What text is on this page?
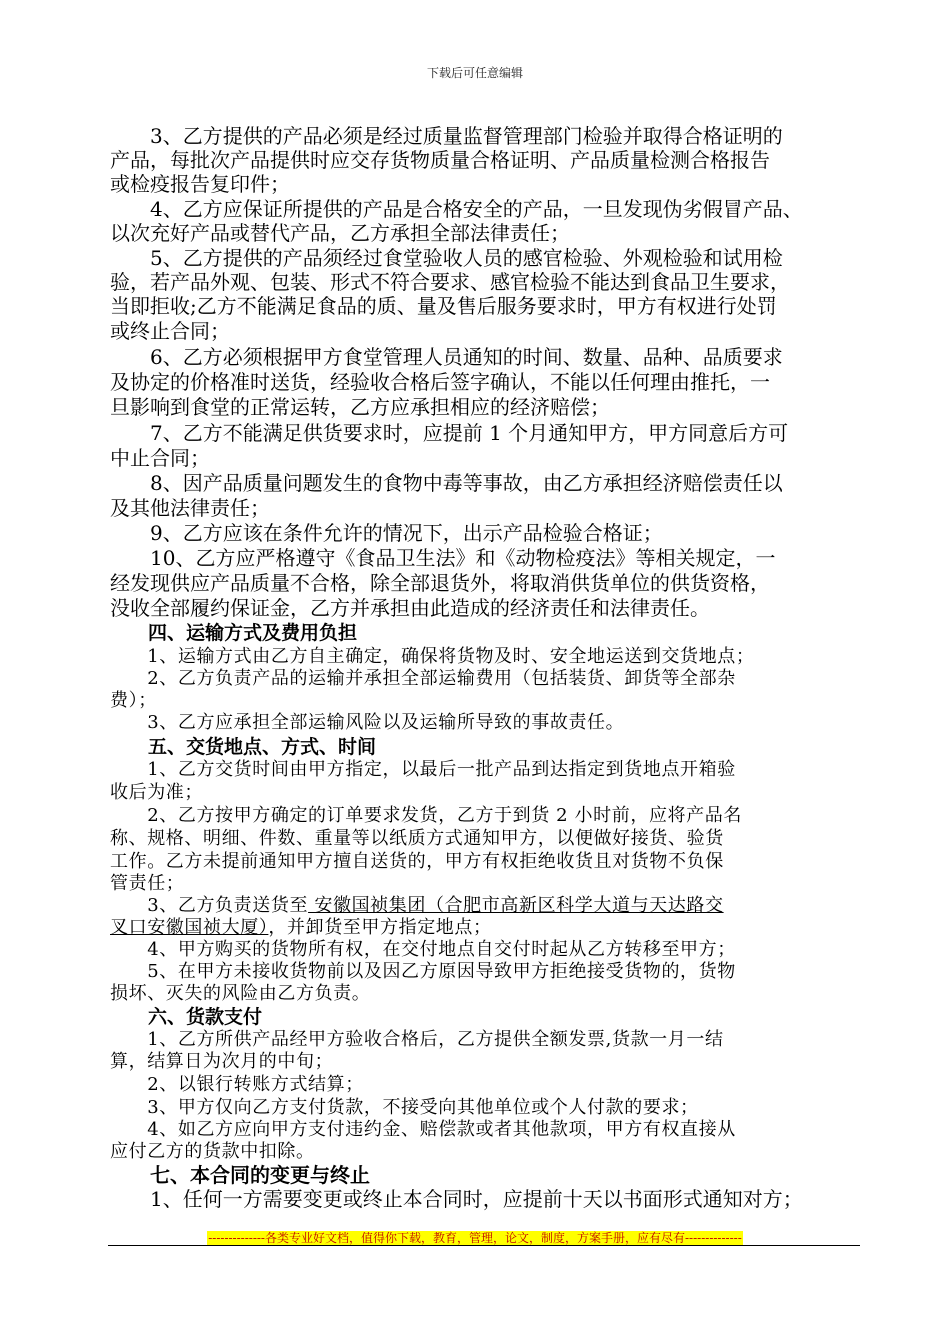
下载后可任意编辑
　　3、乙方提供的产品必须是经过质量监督管理部门检验并取得合格证明的
产品，每批次产品提供时应交存货物质量合格证明、产品质量检测合格报告
或检疫报告复印件；
　　4、乙方应保证所提供的产品是合格安全的产品，一旦发现伪劣假冒产品、
以次充好产品或替代产品，乙方承担全部法律责任；
　　5、乙方提供的产品须经过食堂验收人员的感官检验、外观检验和试用检
验，若产品外观、包装、形式不符合要求、感官检验不能达到食品卫生要求，
当即拒收;乙方不能满足食品的质、量及售后服务要求时，甲方有权进行处罚
或终止合同；
　　6、乙方必须根据甲方食堂管理人员通知的时间、数量、品种、品质要求
及协定的价格准时送货，经验收合格后签字确认，不能以任何理由推托，一
旦影响到食堂的正常运转，乙方应承担相应的经济赔偿；
　　7、乙方不能满足供货要求时，应提前 1 个月通知甲方，甲方同意后方可
中止合同；
　　8、因产品质量问题发生的食物中毒等事故，由乙方承担经济赔偿责任以
及其他法律责任；
　　9、乙方应该在条件允许的情况下，出示产品检验合格证；
　　10、乙方应严格遵守《食品卫生法》和《动物检疫法》等相关规定，一
经发现供应产品质量不合格，除全部退货外，将取消供货单位的供货资格，
没收全部履约保证金，乙方并承担由此造成的经济责任和法律责任。
　　四、运输方式及费用负担
　　1、运输方式由乙方自主确定，确保将货物及时、安全地运送到交货地点；
　　2、乙方负责产品的运输并承担全部运输费用（包括装货、卸货等全部杂
费）；
　　3、乙方应承担全部运输风险以及运输所导致的事故责任。
　　五、交货地点、方式、时间
　　1、乙方交货时间由甲方指定，以最后一批产品到达指定到货地点开箱验
收后为准；
　　2、乙方按甲方确定的订单要求发货，乙方于到货 2 小时前，应将产品名
称、规格、明细、件数、重量等以纸质方式通知甲方，以便做好接货、验货
工作。乙方未提前通知甲方擅自送货的，甲方有权拒绝收货且对货物不负保
管责任；
　　3、乙方负责送货至 安徽国祯集团（合肥市高新区科学大道与天达路交
叉口安徽国祯大厦），并卸货至甲方指定地点；
　　4、甲方购买的货物所有权，在交付地点自交付时起从乙方转移至甲方；
　　5、在甲方未接收货物前以及因乙方原因导致甲方拒绝接受货物的，货物
损坏、灭失的风险由乙方负责。
　　六、货款支付
　　1、乙方所供产品经甲方验收合格后，乙方提供全额发票,货款一月一结
算，结算日为次月的中旬；
　　2、以银行转账方式结算；
　　3、甲方仅向乙方支付货款，不接受向其他单位或个人付款的要求；
　　4、如乙方应向甲方支付违约金、赔偿款或者其他款项，甲方有权直接从
应付乙方的货款中扣除。
　　七、本合同的变更与终止
　　1、任何一方需要变更或终止本合同时，应提前十天以书面形式通知对方；
--------------各类专业好文档，值得你下载，教育，管理，论文，制度，方案手册，应有尽有--------------
